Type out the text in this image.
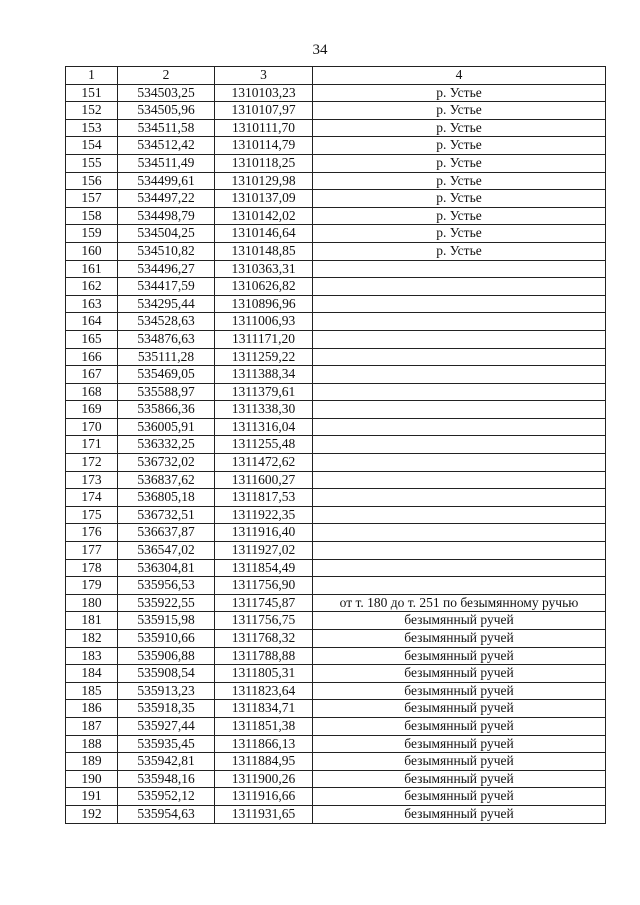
34
1	2	3	4
151	534503,25	1310103,23	р. Устье
152	534505,96	1310107,97	р. Устье
153	534511,58	1310111,70	р. Устье
154	534512,42	1310114,79	р. Устье
155	534511,49	1310118,25	р. Устье
156	534499,61	1310129,98	р. Устье
157	534497,22	1310137,09	р. Устье
158	534498,79	1310142,02	р. Устье
159	534504,25	1310146,64	р. Устье
160	534510,82	1310148,85	р. Устье
161	534496,27	1310363,31	
162	534417,59	1310626,82	
163	534295,44	1310896,96	
164	534528,63	1311006,93	
165	534876,63	1311171,20	
166	535111,28	1311259,22	
167	535469,05	1311388,34	
168	535588,97	1311379,61	
169	535866,36	1311338,30	
170	536005,91	1311316,04	
171	536332,25	1311255,48	
172	536732,02	1311472,62	
173	536837,62	1311600,27	
174	536805,18	1311817,53	
175	536732,51	1311922,35	
176	536637,87	1311916,40	
177	536547,02	1311927,02	
178	536304,81	1311854,49	
179	535956,53	1311756,90	
180	535922,55	1311745,87	от т. 180 до т. 251 по безымянному ручью
181	535915,98	1311756,75	безымянный ручей
182	535910,66	1311768,32	безымянный ручей
183	535906,88	1311788,88	безымянный ручей
184	535908,54	1311805,31	безымянный ручей
185	535913,23	1311823,64	безымянный ручей
186	535918,35	1311834,71	безымянный ручей
187	535927,44	1311851,38	безымянный ручей
188	535935,45	1311866,13	безымянный ручей
189	535942,81	1311884,95	безымянный ручей
190	535948,16	1311900,26	безымянный ручей
191	535952,12	1311916,66	безымянный ручей
192	535954,63	1311931,65	безымянный ручей
